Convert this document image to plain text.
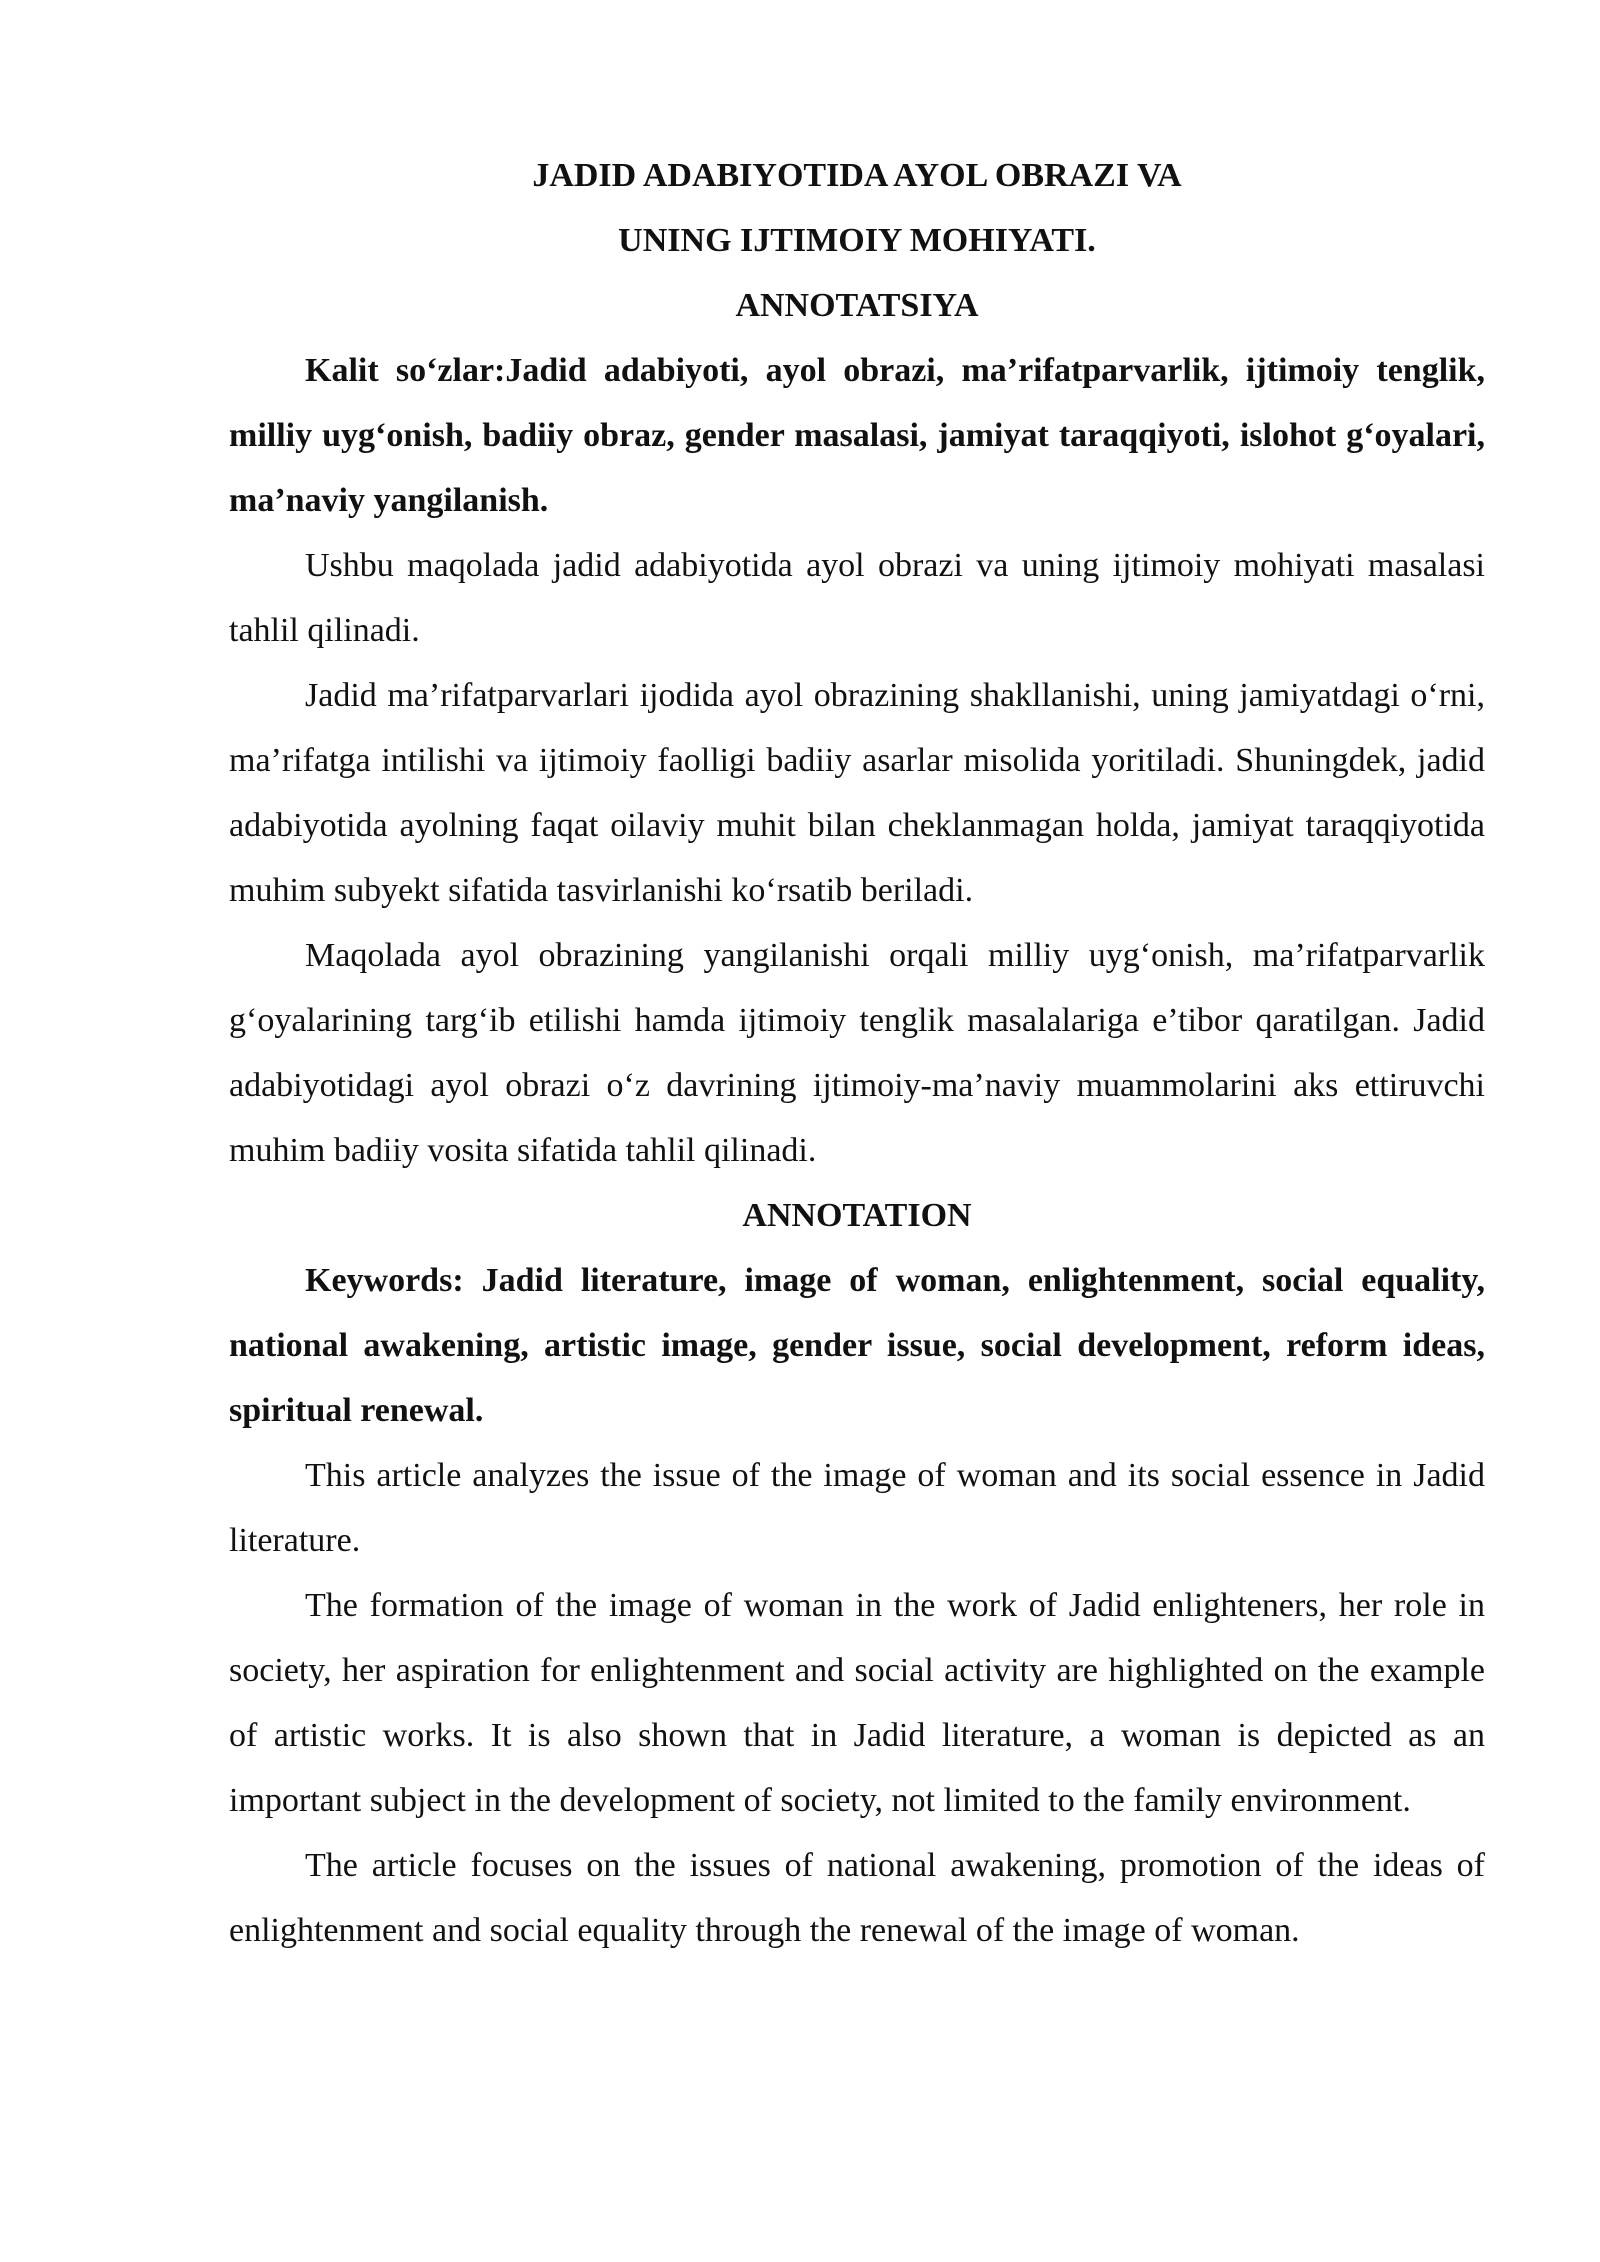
JADID ADABIYOTIDA AYOL OBRAZI VA

UNING IJTIMOIY MOHIYATI.

ANNOTATSIYA

Kalit so‘zlar:Jadid adabiyoti, ayol obrazi, ma’rifatparvarlik, ijtimoiy tenglik, milliy uyg‘onish, badiiy obraz, gender masalasi, jamiyat taraqqiyoti, islohot g‘oyalari, ma’naviy yangilanish.

Ushbu maqolada jadid adabiyotida ayol obrazi va uning ijtimoiy mohiyati masalasi tahlil qilinadi.

Jadid ma’rifatparvarlari ijodida ayol obrazining shakllanishi, uning jamiyatdagi o‘rni, ma’rifatga intilishi va ijtimoiy faolligi badiiy asarlar misolida yoritiladi. Shuningdek, jadid adabiyotida ayolning faqat oilaviy muhit bilan cheklanmagan holda, jamiyat taraqqiyotida muhim subyekt sifatida tasvirlanishi ko‘rsatib beriladi.

Maqolada ayol obrazining yangilanishi orqali milliy uyg‘onish, ma’rifatparvarlik g‘oyalarining targ‘ib etilishi hamda ijtimoiy tenglik masalalariga e’tibor qaratilgan. Jadid adabiyotidagi ayol obrazi o‘z davrining ijtimoiy-ma’naviy muammolarini aks ettiruvchi muhim badiiy vosita sifatida tahlil qilinadi.

ANNOTATION

Keywords: Jadid literature, image of woman, enlightenment, social equality, national awakening, artistic image, gender issue, social development, reform ideas, spiritual renewal.

This article analyzes the issue of the image of woman and its social essence in Jadid literature.

The formation of the image of woman in the work of Jadid enlighteners, her role in society, her aspiration for enlightenment and social activity are highlighted on the example of artistic works. It is also shown that in Jadid literature, a woman is depicted as an important subject in the development of society, not limited to the family environment.

The article focuses on the issues of national awakening, promotion of the ideas of enlightenment and social equality through the renewal of the image of woman.
